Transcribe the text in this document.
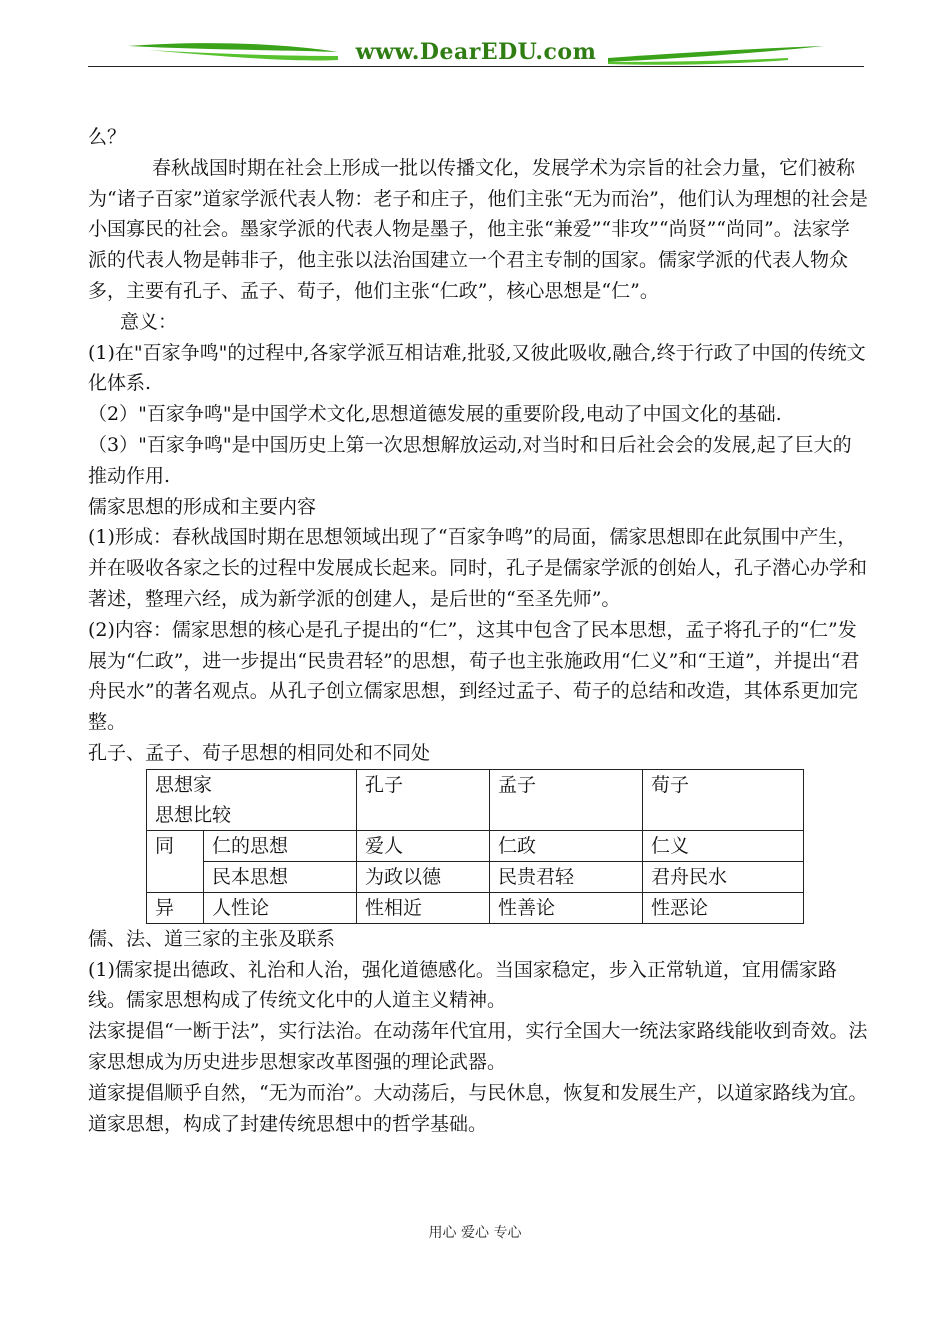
www.DearEDU.com

么？

春秋战国时期在社会上形成一批以传播文化，发展学术为宗旨的社会力量，它们被称为“诸子百家”道家学派代表人物：老子和庄子，他们主张“无为而治”，他们认为理想的社会是小国寡民的社会。墨家学派的代表人物是墨子，他主张“兼爱”“非攻”“尚贤”“尚同”。法家学派的代表人物是韩非子，他主张以法治国建立一个君主专制的国家。儒家学派的代表人物众多，主要有孔子、孟子、荀子，他们主张“仁政”，核心思想是“仁”。

意义：

(1)在"百家争鸣"的过程中,各家学派互相诘难,批驳,又彼此吸收,融合,终于行政了中国的传统文化体系.

（2）"百家争鸣"是中国学术文化,思想道德发展的重要阶段,电动了中国文化的基础.

（3）"百家争鸣"是中国历史上第一次思想解放运动,对当时和日后社会会的发展,起了巨大的推动作用.

儒家思想的形成和主要内容

(1)形成：春秋战国时期在思想领域出现了“百家争鸣”的局面，儒家思想即在此氛围中产生，并在吸收各家之长的过程中发展成长起来。同时，孔子是儒家学派的创始人，孔子潜心办学和著述，整理六经，成为新学派的创建人，是后世的“至圣先师”。

(2)内容：儒家思想的核心是孔子提出的“仁”，这其中包含了民本思想，孟子将孔子的“仁”发展为“仁政”，进一步提出“民贵君轻”的思想，荀子也主张施政用“仁义”和“王道”，并提出“君舟民水”的著名观点。从孔子创立儒家思想，到经过孟子、荀子的总结和改造，其体系更加完整。

孔子、孟子、荀子思想的相同处和不同处

思想家
思想比较		孔子	孟子	荀子
同	仁的思想	爱人	仁政	仁义
	民本思想	为政以德	民贵君轻	君舟民水
异	人性论	性相近	性善论	性恶论

儒、法、道三家的主张及联系

(1)儒家提出德政、礼治和人治，强化道德感化。当国家稳定，步入正常轨道，宜用儒家路线。儒家思想构成了传统文化中的人道主义精神。

法家提倡“一断于法”，实行法治。在动荡年代宜用，实行全国大一统法家路线能收到奇效。法家思想成为历史进步思想家改革图强的理论武器。

道家提倡顺乎自然，“无为而治”。大动荡后，与民休息，恢复和发展生产，以道家路线为宜。道家思想，构成了封建传统思想中的哲学基础。

用心 爱心 专心
